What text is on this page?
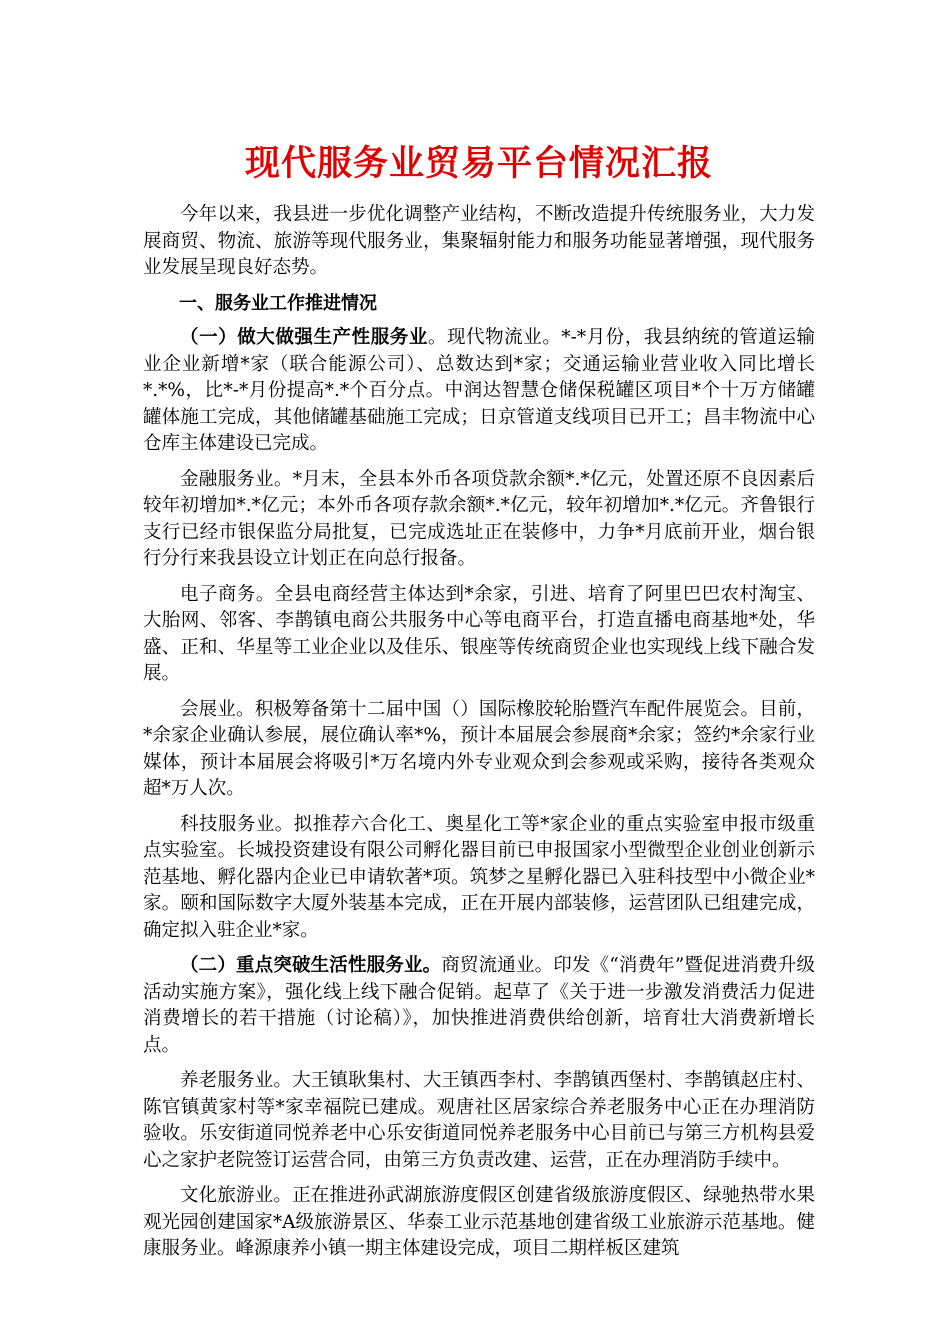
现代服务业贸易平台情况汇报

今年以来，我县进一步优化调整产业结构，不断改造提升传统服务业，大力发展商贸、物流、旅游等现代服务业，集聚辐射能力和服务功能显著增强，现代服务业发展呈现良好态势。

一、服务业工作推进情况

（一）做大做强生产性服务业。现代物流业。*-*月份，我县纳统的管道运输业企业新增*家（联合能源公司）、总数达到*家；交通运输业营业收入同比增长*.*%，比*-*月份提高*.*个百分点。中润达智慧仓储保税罐区项目*个十万方储罐罐体施工完成，其他储罐基础施工完成；日京管道支线项目已开工；昌丰物流中心仓库主体建设已完成。

金融服务业。*月末，全县本外币各项贷款余额*.*亿元，处置还原不良因素后较年初增加*.*亿元；本外币各项存款余额*.*亿元，较年初增加*.*亿元。齐鲁银行支行已经市银保监分局批复，已完成选址正在装修中，力争*月底前开业，烟台银行分行来我县设立计划正在向总行报备。

电子商务。全县电商经营主体达到*余家，引进、培育了阿里巴巴农村淘宝、大胎网、邻客、李鹊镇电商公共服务中心等电商平台，打造直播电商基地*处，华盛、正和、华星等工业企业以及佳乐、银座等传统商贸企业也实现线上线下融合发展。

会展业。积极筹备第十二届中国（）国际橡胶轮胎暨汽车配件展览会。目前，*余家企业确认参展，展位确认率*%，预计本届展会参展商*余家；签约*余家行业媒体，预计本届展会将吸引*万名境内外专业观众到会参观或采购，接待各类观众超*万人次。

科技服务业。拟推荐六合化工、奥星化工等*家企业的重点实验室申报市级重点实验室。长城投资建设有限公司孵化器目前已申报国家小型微型企业创业创新示范基地、孵化器内企业已申请软著*项。筑梦之星孵化器已入驻科技型中小微企业*家。颐和国际数字大厦外装基本完成，正在开展内部装修，运营团队已组建完成，确定拟入驻企业*家。

（二）重点突破生活性服务业。商贸流通业。印发《“消费年”暨促进消费升级活动实施方案》，强化线上线下融合促销。起草了《关于进一步激发消费活力促进消费增长的若干措施（讨论稿）》，加快推进消费供给创新，培育壮大消费新增长点。

养老服务业。大王镇耿集村、大王镇西李村、李鹊镇西堡村、李鹊镇赵庄村、陈官镇黄家村等*家幸福院已建成。观唐社区居家综合养老服务中心正在办理消防验收。乐安街道同悦养老中心乐安街道同悦养老服务中心目前已与第三方机构县爱心之家护老院签订运营合同，由第三方负责改建、运营，正在办理消防手续中。

文化旅游业。正在推进孙武湖旅游度假区创建省级旅游度假区、绿驰热带水果观光园创建国家*A级旅游景区、华泰工业示范基地创建省级工业旅游示范基地。健康服务业。峰源康养小镇一期主体建设完成，项目二期样板区建筑
